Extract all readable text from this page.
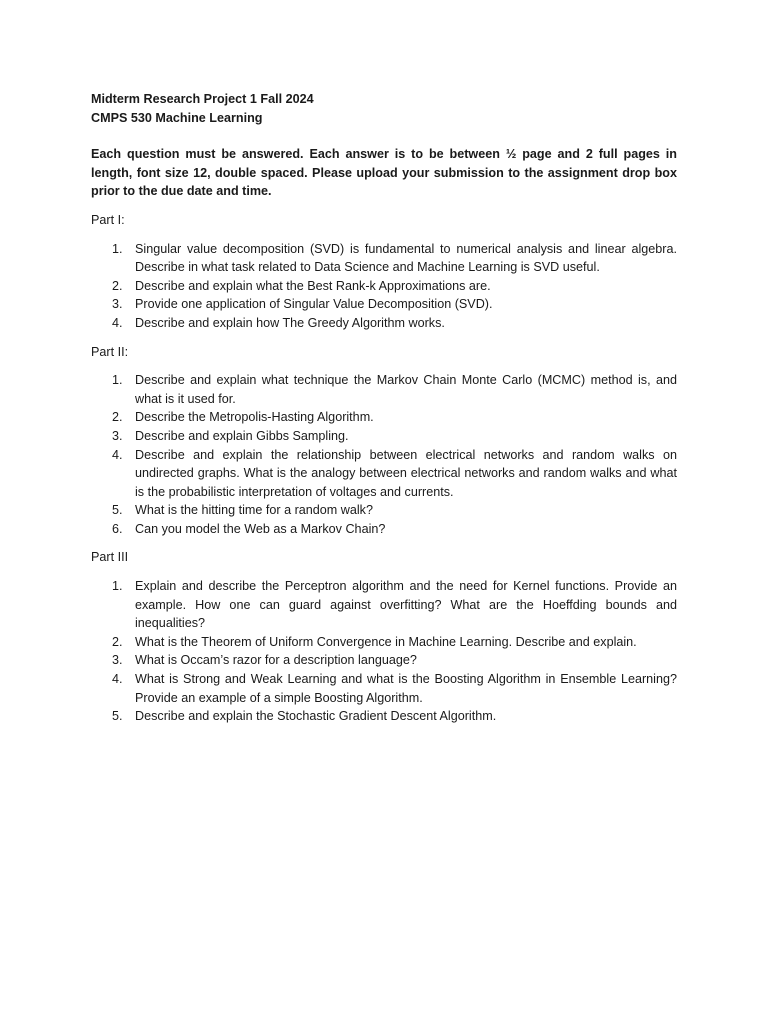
Midterm Research Project 1 Fall 2024

CMPS 530 Machine Learning

Each question must be answered. Each answer is to be between ½ page and 2 full pages in length, font size 12, double spaced. Please upload your submission to the assignment drop box prior to the due date and time.

Part I:

1. Singular value decomposition (SVD) is fundamental to numerical analysis and linear algebra. Describe in what task related to Data Science and Machine Learning is SVD useful.
2. Describe and explain what the Best Rank-k Approximations are.
3. Provide one application of Singular Value Decomposition (SVD).
4. Describe and explain how The Greedy Algorithm works.

Part II:

1. Describe and explain what technique the Markov Chain Monte Carlo (MCMC) method is, and what is it used for.
2. Describe the Metropolis-Hasting Algorithm.
3. Describe and explain Gibbs Sampling.
4. Describe and explain the relationship between electrical networks and random walks on undirected graphs. What is the analogy between electrical networks and random walks and what is the probabilistic interpretation of voltages and currents.
5. What is the hitting time for a random walk?
6. Can you model the Web as a Markov Chain?

Part III

1. Explain and describe the Perceptron algorithm and the need for Kernel functions. Provide an example. How one can guard against overfitting? What are the Hoeffding bounds and inequalities?
2. What is the Theorem of Uniform Convergence in Machine Learning. Describe and explain.
3. What is Occam’s razor for a description language?
4. What is Strong and Weak Learning and what is the Boosting Algorithm in Ensemble Learning? Provide an example of a simple Boosting Algorithm.
5. Describe and explain the Stochastic Gradient Descent Algorithm.
